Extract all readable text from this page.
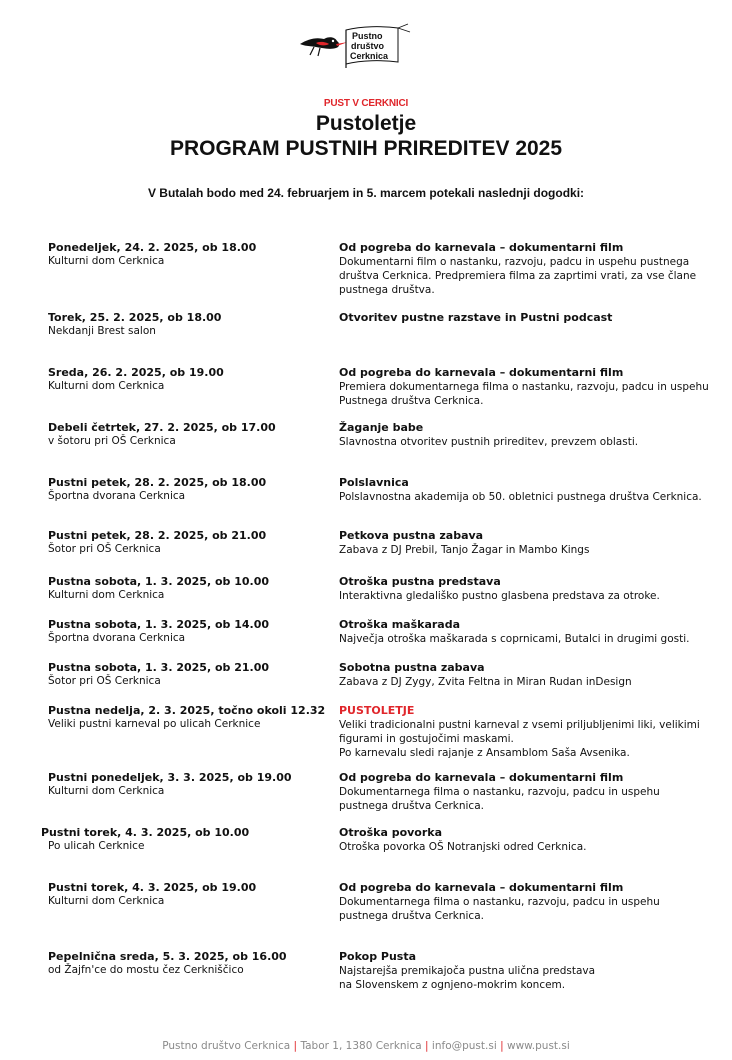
Pustno
društvo
Cerknica
PUST V CERKNICI
Pustoletje
PROGRAM PUSTNIH PRIREDITEV 2025
V Butalah bodo med 24. februarjem in 5. marcem potekali naslednji dogodki:
Ponedeljek, 24. 2. 2025, ob 18.00
Kulturni dom Cerknica
Od pogreba do karnevala – dokumentarni film
Dokumentarni film o nastanku, razvoju, padcu in uspehu pustnega društva Cerknica. Predpremiera filma za zaprtimi vrati, za vse člane pustnega društva.
Torek, 25. 2. 2025, ob 18.00
Nekdanji Brest salon
Otvoritev pustne razstave in Pustni podcast
Sreda, 26. 2. 2025, ob 19.00
Kulturni dom Cerknica
Od pogreba do karnevala – dokumentarni film
Premiera dokumentarnega filma o nastanku, razvoju, padcu in uspehu Pustnega društva Cerknica.
Debeli četrtek, 27. 2. 2025, ob 17.00
v šotoru pri OŠ Cerknica
Žaganje babe
Slavnostna otvoritev pustnih prireditev, prevzem oblasti.
Pustni petek, 28. 2. 2025, ob 18.00
Športna dvorana Cerknica
Polslavnica
Polslavnostna akademija ob 50. obletnici pustnega društva Cerknica.
Pustni petek, 28. 2. 2025, ob 21.00
Šotor pri OŠ Cerknica
Petkova pustna zabava
Zabava z DJ Prebil, Tanjo Žagar in Mambo Kings
Pustna sobota, 1. 3. 2025, ob 10.00
Kulturni dom Cerknica
Otroška pustna predstava
Interaktivna gledališko pustno glasbena predstava za otroke.
Pustna sobota, 1. 3. 2025, ob 14.00
Športna dvorana Cerknica
Otroška maškarada
Največja otroška maškarada s coprnicami, Butalci in drugimi gosti.
Pustna sobota, 1. 3. 2025, ob 21.00
Šotor pri OŠ Cerknica
Sobotna pustna zabava
Zabava z DJ Zygy, Zvita Feltna in Miran Rudan inDesign
Pustna nedelja, 2. 3. 2025, točno okoli 12.32
Veliki pustni karneval po ulicah Cerknice
PUSTOLETJE
Veliki tradicionalni pustni karneval z vsemi priljubljenimi liki, velikimi figurami in gostujočimi maskami.
Po karnevalu sledi rajanje z Ansamblom Saša Avsenika.
Pustni ponedeljek, 3. 3. 2025, ob 19.00
Kulturni dom Cerknica
Od pogreba do karnevala – dokumentarni film
Dokumentarnega filma o nastanku, razvoju, padcu in uspehu pustnega društva Cerknica.
Pustni torek, 4. 3. 2025, ob 10.00
Po ulicah Cerknice
Otroška povorka
Otroška povorka OŠ Notranjski odred Cerknica.
Pustni torek, 4. 3. 2025, ob 19.00
Kulturni dom Cerknica
Od pogreba do karnevala – dokumentarni film
Dokumentarnega filma o nastanku, razvoju, padcu in uspehu pustnega društva Cerknica.
Pepelnična sreda, 5. 3. 2025, ob 16.00
od Žajfn'ce do mostu čez Cerkniščico
Pokop Pusta
Najstarejša premikajoča pustna ulična predstava
na Slovenskem z ognjeno-mokrim koncem.
Pustno društvo Cerknica | Tabor 1, 1380 Cerknica | info@pust.si | www.pust.si
